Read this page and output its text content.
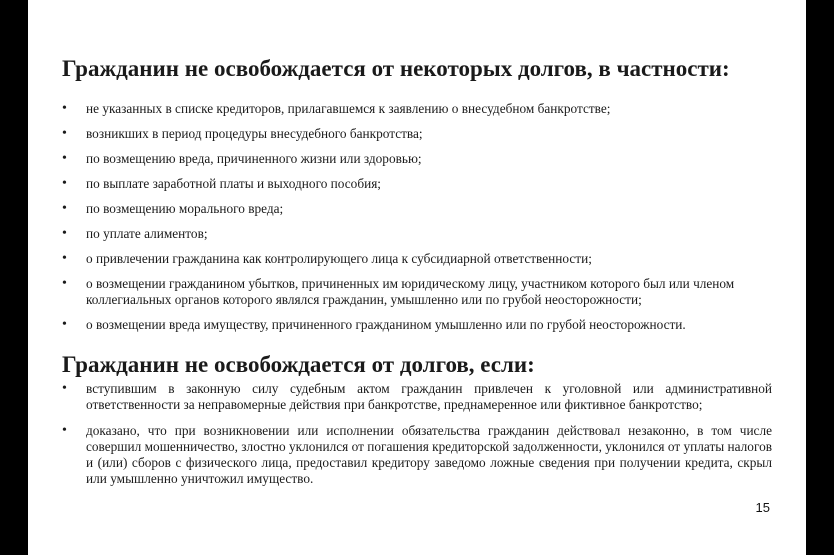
Гражданин не освобождается от некоторых долгов, в частности:
• не указанных в списке кредиторов, прилагавшемся к заявлению о внесудебном банкротстве;
• возникших в период процедуры внесудебного банкротства;
• по возмещению вреда, причиненного жизни или здоровью;
• по выплате заработной платы и выходного пособия;
• по возмещению морального вреда;
• по уплате алиментов;
• о привлечении гражданина как контролирующего лица к субсидиарной ответственности;
• о возмещении гражданином убытков, причиненных им юридическому лицу, участником которого был или членом коллегиальных органов которого являлся гражданин, умышленно или по грубой неосторожности;
• о возмещении вреда имуществу, причиненного гражданином умышленно или по грубой неосторожности.
Гражданин не освобождается от долгов, если:
• вступившим в законную силу судебным актом гражданин привлечен к уголовной или административной ответственности за неправомерные действия при банкротстве, преднамеренное или фиктивное банкротство;
• доказано, что при возникновении или исполнении обязательства гражданин действовал незаконно, в том числе совершил мошенничество, злостно уклонился от погашения кредиторской задолженности, уклонился от уплаты налогов и (или) сборов с физического лица, предоставил кредитору заведомо ложные сведения при получении кредита, скрыл или умышленно уничтожил имущество.
15
